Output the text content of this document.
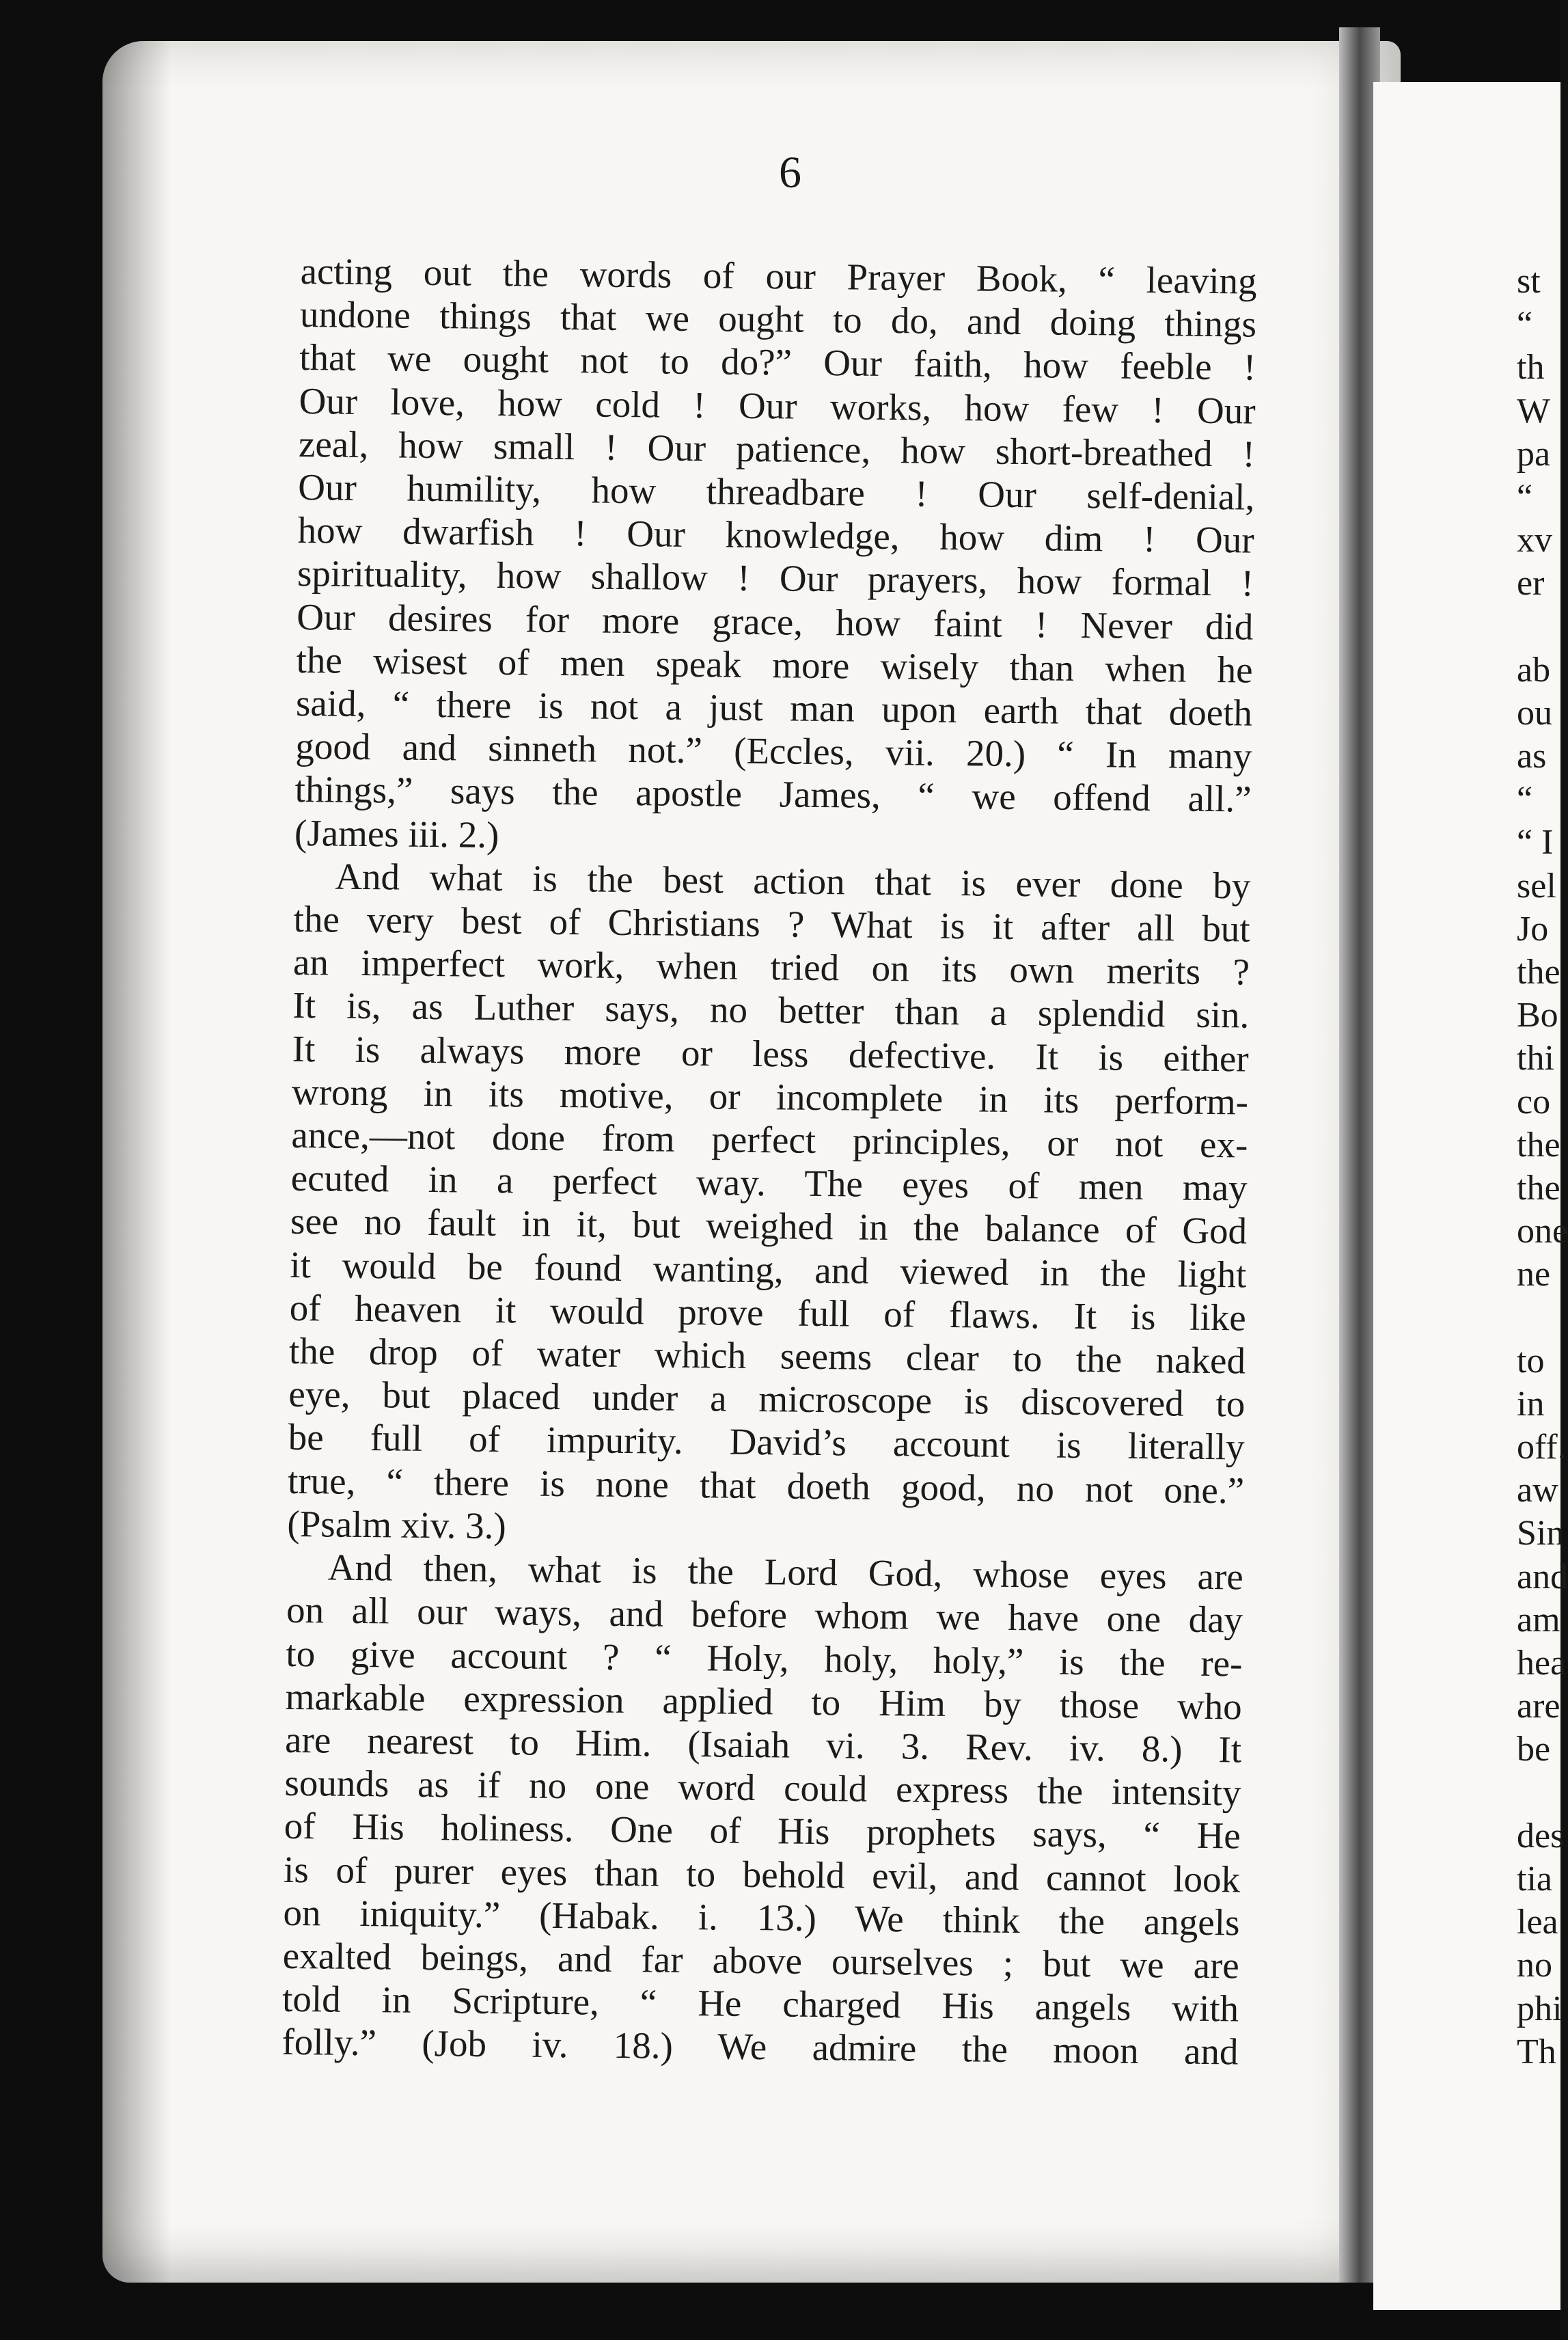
6
acting out the words of our Prayer Book, “ leaving
undone things that we ought to do, and doing things
that we ought not to do?” Our faith, how feeble !
Our love, how cold ! Our works, how few ! Our
zeal, how small ! Our patience, how short-breathed !
Our humility, how threadbare ! Our self-denial,
how dwarfish ! Our knowledge, how dim ! Our
spirituality, how shallow ! Our prayers, how formal !
Our desires for more grace, how faint ! Never did
the wisest of men speak more wisely than when he
said, “ there is not a just man upon earth that doeth
good and sinneth not.” (Eccles, vii. 20.) “ In many
things,” says the apostle James, “ we offend all.”
(James iii. 2.)
And what is the best action that is ever done by
the very best of Christians ? What is it after all but
an imperfect work, when tried on its own merits ?
It is, as Luther says, no better than a splendid sin.
It is always more or less defective. It is either
wrong in its motive, or incomplete in its perform-
ance,—not done from perfect principles, or not ex-
ecuted in a perfect way. The eyes of men may
see no fault in it, but weighed in the balance of God
it would be found wanting, and viewed in the light
of heaven it would prove full of flaws. It is like
the drop of water which seems clear to the naked
eye, but placed under a microscope is discovered to
be full of impurity. David’s account is literally
true, “ there is none that doeth good, no not one.”
(Psalm xiv. 3.)
And then, what is the Lord God, whose eyes are
on all our ways, and before whom we have one day
to give account ? “ Holy, holy, holy,” is the re-
markable expression applied to Him by those who
are nearest to Him. (Isaiah vi. 3. Rev. iv. 8.) It
sounds as if no one word could express the intensity
of His holiness. One of His prophets says, “ He
is of purer eyes than to behold evil, and cannot look
on iniquity.” (Habak. i. 13.) We think the angels
exalted beings, and far above ourselves ; but we are
told in Scripture, “ He charged His angels with
folly.” (Job iv. 18.) We admire the moon and
st
“
th
W
pa
“
xv
er
ab
ou
as
“
“ I
sel
Jo
the
Bo
thi
co
the
the
one
ne
to
in
off.
aw
Sin
and
am
hea
are
be
des
tia
lea
no
phi
Th
